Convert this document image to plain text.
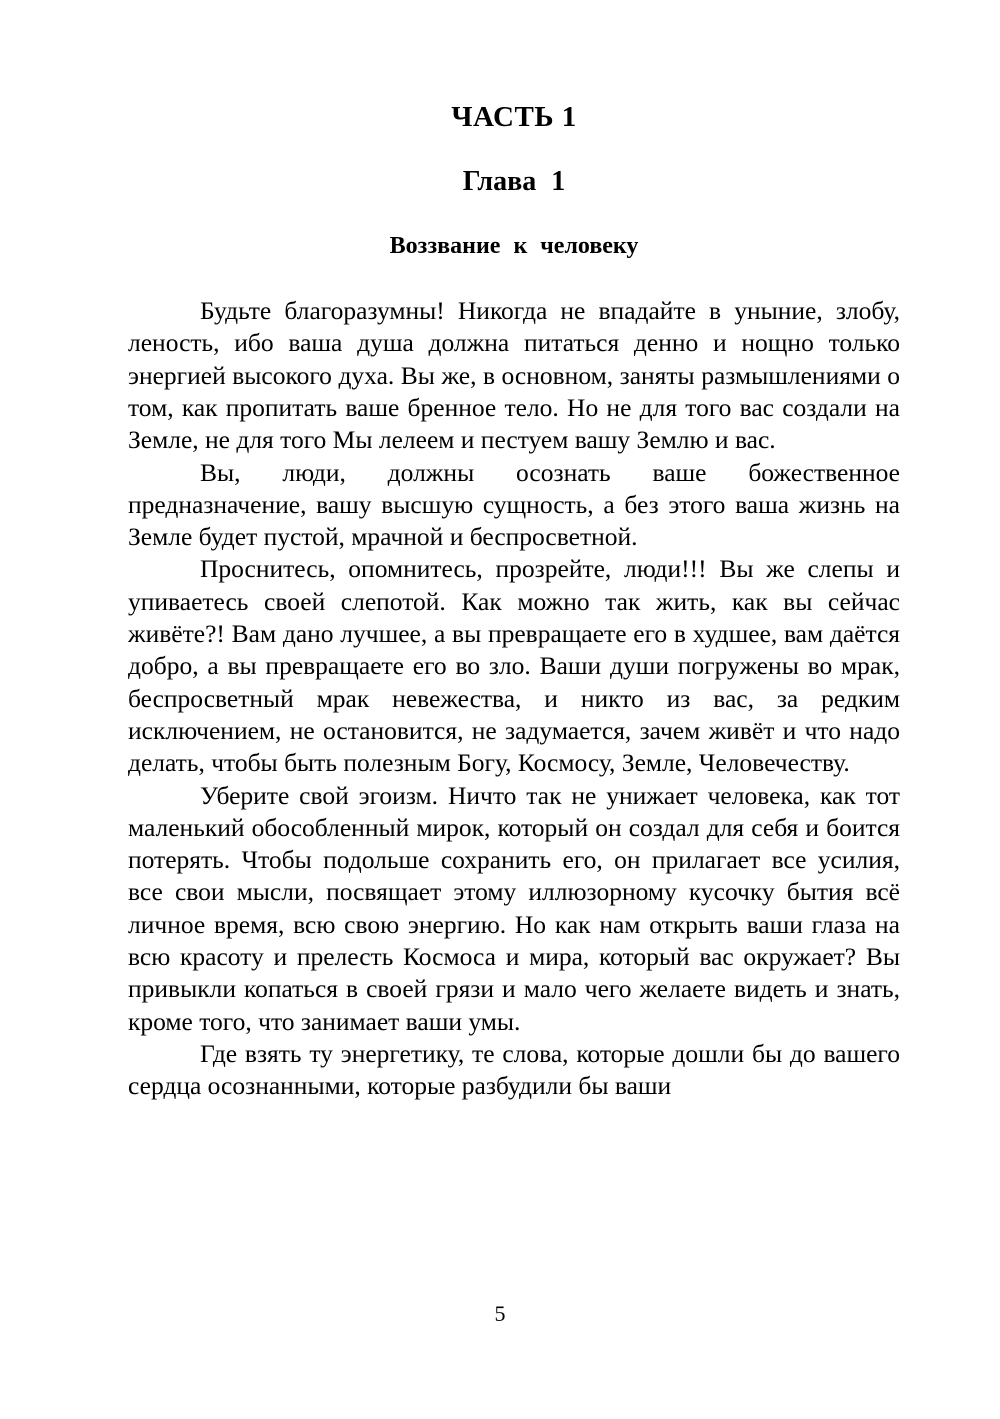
ЧАСТЬ 1
Глава 1
Воззвание к человеку

Будьте благоразумны! Никогда не впадайте в уныние, злобу, леность, ибо ваша душа должна питаться денно и нощно только энергией высокого духа. Вы же, в основном, заняты размышлениями о том, как пропитать ваше бренное тело. Но не для того вас создали на Земле, не для того Мы лелеем и пестуем вашу Землю и вас.

Вы, люди, должны осознать ваше божественное предназначение, вашу высшую сущность, а без этого ваша жизнь на Земле будет пустой, мрачной и беспросветной.

Проснитесь, опомнитесь, прозрейте, люди!!! Вы же слепы и упиваетесь своей слепотой. Как можно так жить, как вы сейчас живёте?! Вам дано лучшее, а вы превращаете его в худшее, вам даётся добро, а вы превращаете его во зло. Ваши души погружены во мрак, беспросветный мрак невежества, и никто из вас, за редким исключением, не остановится, не задумается, зачем живёт и что надо делать, чтобы быть полезным Богу, Космосу, Земле, Человечеству.

Уберите свой эгоизм. Ничто так не унижает человека, как тот маленький обособленный мирок, который он создал для себя и боится потерять. Чтобы подольше сохранить его, он прилагает все усилия, все свои мысли, посвящает этому иллюзорному кусочку бытия всё личное время, всю свою энергию. Но как нам открыть ваши глаза на всю красоту и прелесть Космоса и мира, который вас окружает? Вы привыкли копаться в своей грязи и мало чего желаете видеть и знать, кроме того, что занимает ваши умы.

Где взять ту энергетику, те слова, которые дошли бы до вашего сердца осознанными, которые разбудили бы ваши

5
